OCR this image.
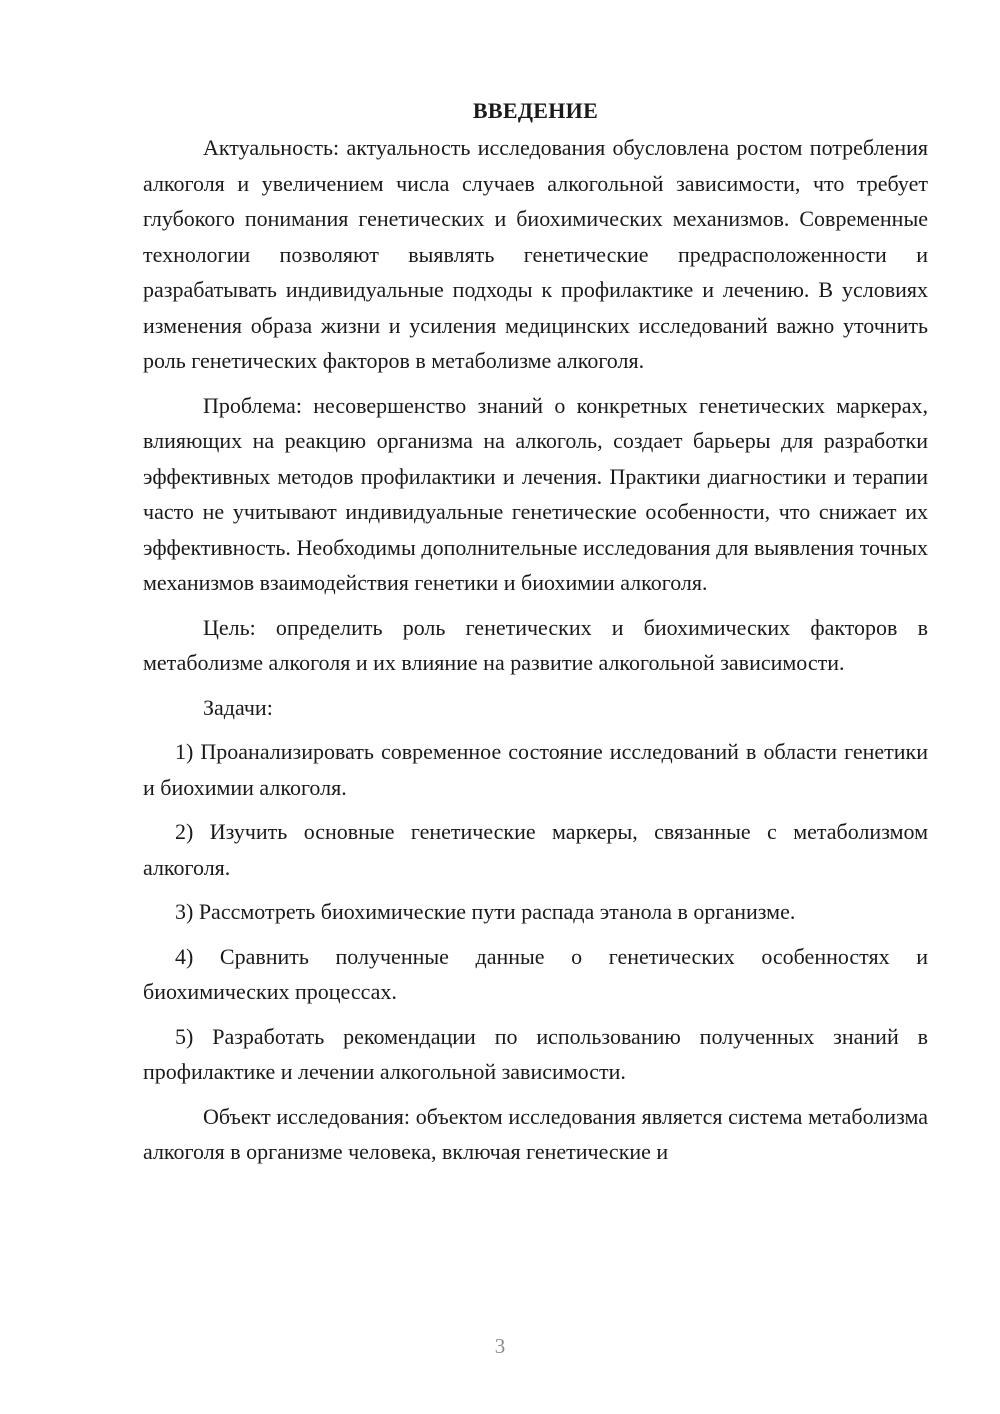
ВВЕДЕНИЕ

Актуальность: актуальность исследования обусловлена ростом потребления алкоголя и увеличением числа случаев алкогольной зависимости, что требует глубокого понимания генетических и биохимических механизмов. Современные технологии позволяют выявлять генетические предрасположенности и разрабатывать индивидуальные подходы к профилактике и лечению. В условиях изменения образа жизни и усиления медицинских исследований важно уточнить роль генетических факторов в метаболизме алкоголя.

Проблема: несовершенство знаний о конкретных генетических маркерах, влияющих на реакцию организма на алкоголь, создает барьеры для разработки эффективных методов профилактики и лечения. Практики диагностики и терапии часто не учитывают индивидуальные генетические особенности, что снижает их эффективность. Необходимы дополнительные исследования для выявления точных механизмов взаимодействия генетики и биохимии алкоголя.

Цель: определить роль генетических и биохимических факторов в метаболизме алкоголя и их влияние на развитие алкогольной зависимости.

Задачи:

1) Проанализировать современное состояние исследований в области генетики и биохимии алкоголя.

2) Изучить основные генетические маркеры, связанные с метаболизмом алкоголя.

3) Рассмотреть биохимические пути распада этанола в организме.

4) Сравнить полученные данные о генетических особенностях и биохимических процессах.

5) Разработать рекомендации по использованию полученных знаний в профилактике и лечении алкогольной зависимости.

Объект исследования: объектом исследования является система метаболизма алкоголя в организме человека, включая генетические и

3
